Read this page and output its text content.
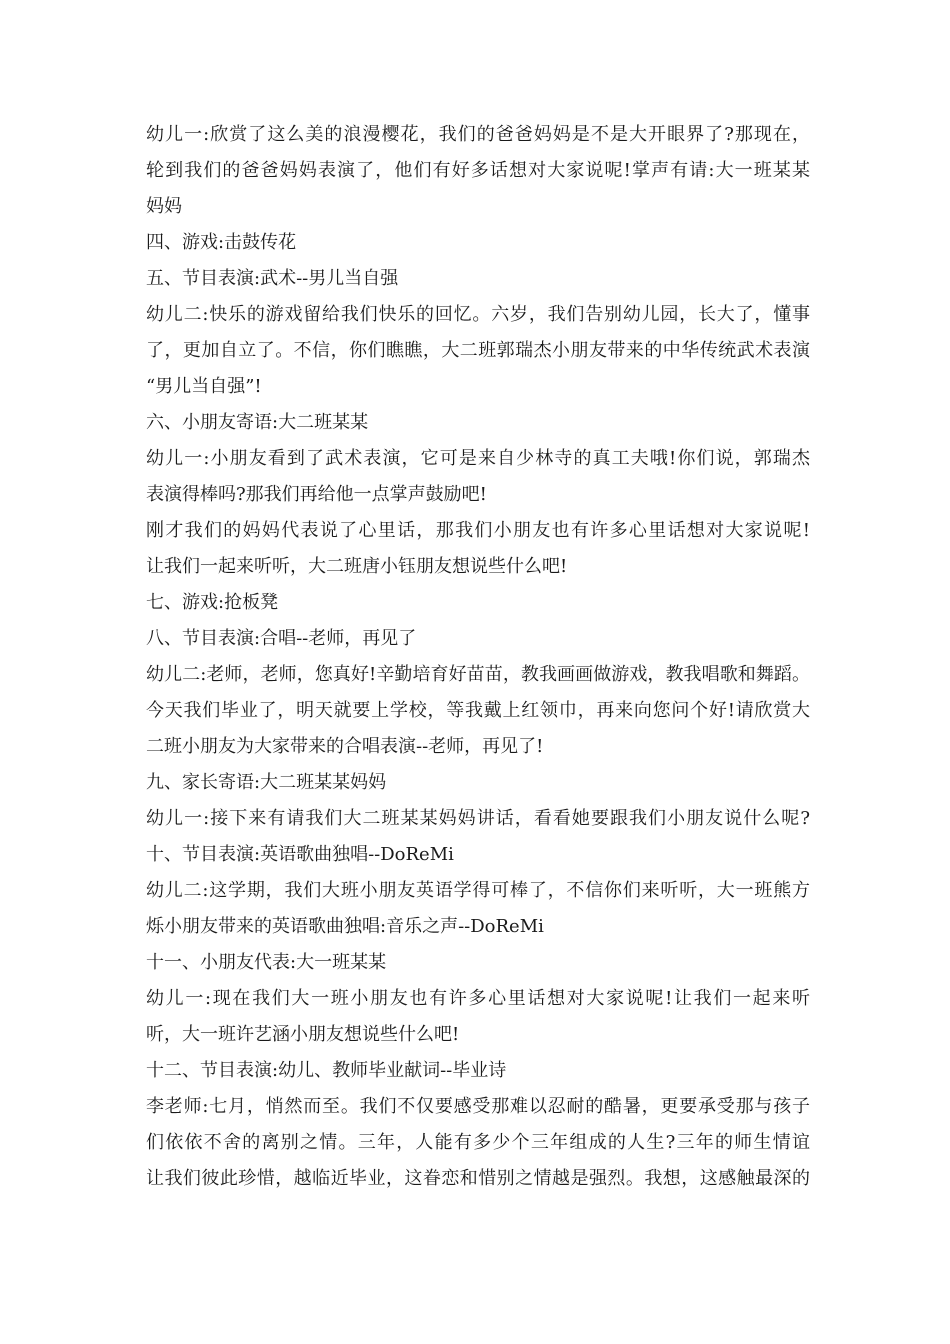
幼儿一:欣赏了这么美的浪漫樱花，我们的爸爸妈妈是不是大开眼界了?那现在，
轮到我们的爸爸妈妈表演了，他们有好多话想对大家说呢!掌声有请:大一班某某
妈妈
四、游戏:击鼓传花
五、节目表演:武术--男儿当自强
幼儿二:快乐的游戏留给我们快乐的回忆。六岁，我们告别幼儿园，长大了，懂事
了，更加自立了。不信，你们瞧瞧，大二班郭瑞杰小朋友带来的中华传统武术表演
“男儿当自强”!
六、小朋友寄语:大二班某某
幼儿一:小朋友看到了武术表演，它可是来自少林寺的真工夫哦!你们说，郭瑞杰
表演得棒吗?那我们再给他一点掌声鼓励吧!
刚才我们的妈妈代表说了心里话，那我们小朋友也有许多心里话想对大家说呢!
让我们一起来听听，大二班唐小钰朋友想说些什么吧!
七、游戏:抢板凳
八、节目表演:合唱--老师，再见了
幼儿二:老师，老师，您真好!辛勤培育好苗苗，教我画画做游戏，教我唱歌和舞蹈。
今天我们毕业了，明天就要上学校，等我戴上红领巾，再来向您问个好!请欣赏大
二班小朋友为大家带来的合唱表演--老师，再见了!
九、家长寄语:大二班某某妈妈
幼儿一:接下来有请我们大二班某某妈妈讲话，看看她要跟我们小朋友说什么呢?
十、节目表演:英语歌曲独唱--DoReMi
幼儿二:这学期，我们大班小朋友英语学得可棒了，不信你们来听听，大一班熊方
烁小朋友带来的英语歌曲独唱:音乐之声--DoReMi
十一、小朋友代表:大一班某某
幼儿一:现在我们大一班小朋友也有许多心里话想对大家说呢!让我们一起来听
听，大一班许艺涵小朋友想说些什么吧!
十二、节目表演:幼儿、教师毕业献词--毕业诗
李老师:七月，悄然而至。我们不仅要感受那难以忍耐的酷暑，更要承受那与孩子
们依依不舍的离别之情。三年，人能有多少个三年组成的人生?三年的师生情谊
让我们彼此珍惜，越临近毕业，这眷恋和惜别之情越是强烈。我想，这感触最深的
